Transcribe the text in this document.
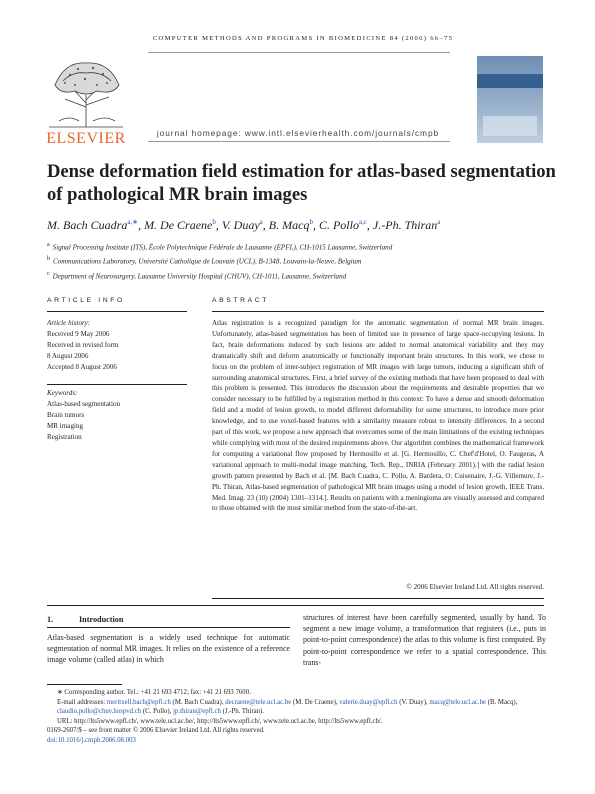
COMPUTER METHODS AND PROGRAMS IN BIOMEDICINE 84 (2006) 66–75
ELSEVIER	journal homepage: www.intl.elsevierhealth.com/journals/cmpb
Dense deformation field estimation for atlas-based segmentation of pathological MR brain images
M. Bach Cuadra$^{a,∗}$, M. De Craene$^b$, V. Duay$^a$, B. Macq$^b$, C. Pollo$^{a,c}$, J.-Ph. Thiran$^a$
$^a$ Signal Processing Institute (ITS), École Polytechnique Fédérale de Lausanne (EPFL), CH-1015 Lausanne, Switzerland
$^b$ Communications Laboratory, Université Catholique de Louvain (UCL), B-1348, Louvain-la-Neuve, Belgium
$^c$ Department of Neurosurgery, Lausanne University Hospital (CHUV), CH-1011, Lausanne, Switzerland
ARTICLE INFO	ABSTRACT
Article history:
Received 9 May 2006
Received in revised form
8 August 2006
Accepted 8 August 2006
Keywords:
Atlas-based segmentation
Brain tumors
MR imaging
Registration
Atlas registration is a recognized paradigm for the automatic segmentation of normal MR brain images. Unfortunately, atlas-based segmentation has been of limited use in presence of large space-occupying lesions. In fact, brain deformations induced by such lesions are added to normal anatomical variability and they may dramatically shift and deform anatomically or functionally important brain structures. In this work, we chose to focus on the problem of inter-subject registration of MR images with large tumors, inducing a significant shift of surrounding anatomical structures. First, a brief survey of the existing methods that have been proposed to deal with this problem is presented. This introduces the discussion about the requirements and desirable properties that we consider necessary to be fulfilled by a registration method in this context: To have a dense and smooth deformation field and a model of lesion growth, to model different deformability for some structures, to introduce more prior knowledge, and to use voxel-based features with a similarity measure robust to intensity differences. In a second part of this work, we propose a new approach that overcomes some of the main limitations of the existing techniques while complying with most of the desired requirements above. Our algorithm combines the mathematical framework for computing a variational flow proposed by Hermosillo et al. [G. Hermosillo, C. Chef'd'Hotel, O. Faugeras, A variational approach to multi-modal image matching, Tech. Rep., INRIA (February 2001).] with the radial lesion growth pattern presented by Bach et al. [M. Bach Cuadra, C. Pollo, A. Bardera, O. Cuisenaire, J.-G. Villemure, J.-Ph. Thiran, Atlas-based segmentation of pathological MR brain images using a model of lesion growth, IEEE Trans. Med. Imag. 23 (10) (2004) 1301–1314.]. Results on patients with a meningioma are visually assessed and compared to those obtained with the most similar method from the state-of-the-art.
© 2006 Elsevier Ireland Ltd. All rights reserved.
1.	Introduction
Atlas-based segmentation is a widely used technique for automatic segmentation of normal MR images. It relies on the existence of a reference image volume (called atlas) in which
structures of interest have been carefully segmented, usually by hand. To segment a new image volume, a transformation that registers (i.e., puts in point-to-point correspondence) the atlas to this volume is first computed. By point-to-point correspondence we refer to a spatial correspondence. This trans-
∗ Corresponding author. Tel.: +41 21 693 4712; fax: +41 21 693 7600.
E-mail addresses: meritxell.bach@epfl.ch (M. Bach Cuadra), decraene@tele.ucl.ac.be (M. De Craene), valerie.duay@epfl.ch (V. Duay), macq@tele.ucl.ac.be (B. Macq), claudio.pollo@chuv.hospvd.ch (C. Pollo), jp.thiran@epfl.ch (J.-Ph. Thiran).
URL: http://lts5www.epfl.ch/, www.tele.ucl.ac.be/, http://lts5www.epfl.ch/, www.tele.ucl.ac.be, http://lts5www.epfl.ch/.
0169-2607/$ – see front matter © 2006 Elsevier Ireland Ltd. All rights reserved.
doi:10.1016/j.cmpb.2006.08.003
